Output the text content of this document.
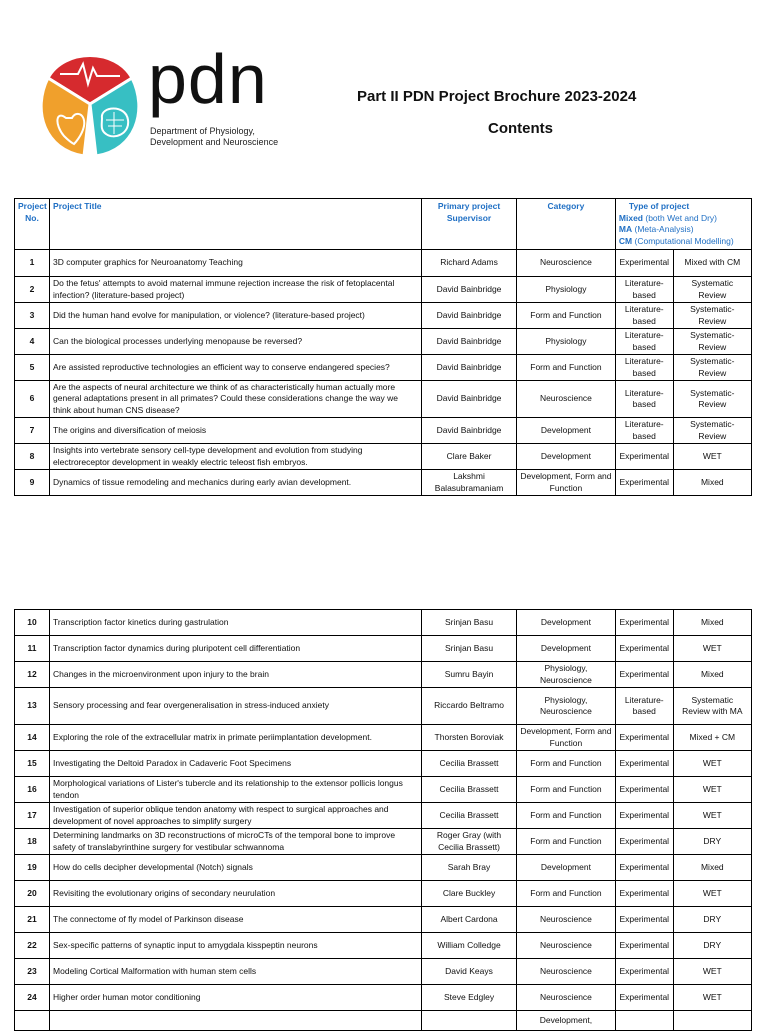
pdn
Department of Physiology,
Development and Neuroscience
Part II PDN Project Brochure 2023-2024
Contents
Project No.	Project Title	Primary project Supervisor	Category	Type of project
Mixed (both Wet and Dry)
MA (Meta-Analysis)
CM (Computational Modelling)	

1	3D computer graphics for Neuroanatomy Teaching	Richard Adams	Neuroscience	Experimental	Mixed with CM
2	Do the fetus' attempts to avoid maternal immune rejection increase the risk of fetoplacental infection? (literature-based project)	David Bainbridge	Physiology	Literature-based	Systematic Review
3	Did the human hand evolve for manipulation, or violence? (literature-based project)	David Bainbridge	Form and Function	Literature-based	Systematic-Review
4	Can the biological processes underlying menopause be reversed?	David Bainbridge	Physiology	Literature-based	Systematic-Review
5	Are assisted reproductive technologies an efficient way to conserve endangered species?	David Bainbridge	Form and Function	Literature-based	Systematic-Review
6	Are the aspects of neural architecture we think of as characteristically human actually more general adaptations present in all primates? Could these considerations change the way we think about human CNS disease?	David Bainbridge	Neuroscience	Literature-based	Systematic-Review
7	The origins and diversification of meiosis	David Bainbridge	Development	Literature-based	Systematic-Review
8	Insights into vertebrate sensory cell-type development and evolution from studying electroreceptor development in weakly electric teleost fish embryos.	Clare Baker	Development	Experimental	WET
9	Dynamics of tissue remodeling and mechanics during early avian development.	Lakshmi Balasubramaniam	Development, Form and Function	Experimental	Mixed
10	Transcription factor kinetics during gastrulation	Srinjan Basu	Development	Experimental	Mixed
11	Transcription factor dynamics during pluripotent cell differentiation	Srinjan Basu	Development	Experimental	WET
12	Changes in the microenvironment upon injury to the brain	Sumru Bayin	Physiology, Neuroscience	Experimental	Mixed
13	Sensory processing and fear overgeneralisation in stress-induced anxiety	Riccardo Beltramo	Physiology, Neuroscience	Literature-based	Systematic Review with MA
14	Exploring the role of the extracellular matrix in primate periimplantation development.	Thorsten Boroviak	Development, Form and Function	Experimental	Mixed + CM
15	Investigating the Deltoid Paradox in Cadaveric Foot Specimens	Cecilia Brassett	Form and Function	Experimental	WET
16	Morphological variations of Lister's tubercle and its relationship to the extensor pollicis longus tendon	Cecilia Brassett	Form and Function	Experimental	WET
17	Investigation of superior oblique tendon anatomy with respect to surgical approaches and development of novel approaches to simplify surgery	Cecilia Brassett	Form and Function	Experimental	WET
18	Determining landmarks on 3D reconstructions of microCTs of the temporal bone to improve safety of translabyrinthine surgery for vestibular schwannoma	Roger Gray (with Cecilia Brassett)	Form and Function	Experimental	DRY
19	How do cells decipher developmental (Notch) signals	Sarah Bray	Development	Experimental	Mixed
20	Revisiting the evolutionary origins of secondary neurulation	Clare Buckley	Form and Function	Experimental	WET
21	The connectome of fly model of Parkinson disease	Albert Cardona	Neuroscience	Experimental	DRY
22	Sex-specific patterns of synaptic input to amygdala kisspeptin neurons	William Colledge	Neuroscience	Experimental	DRY
23	Modeling Cortical Malformation with human stem cells	David Keays	Neuroscience	Experimental	WET
24	Higher order human motor conditioning	Steve Edgley	Neuroscience	Experimental	WET
			Development,		
